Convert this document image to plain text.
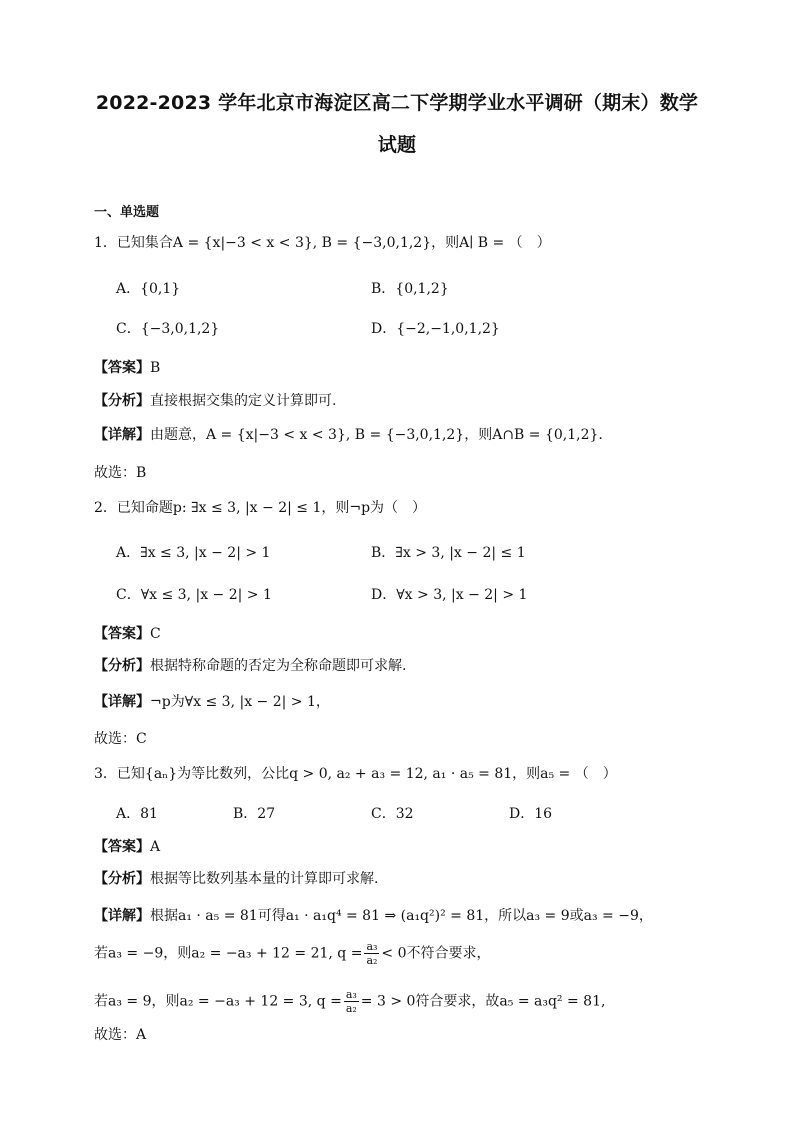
2022-2023 学年北京市海淀区高二下学期学业水平调研（期末）数学
试题
一、单选题
1．已知集合A = {x|−3 < x < 3}, B = {−3,0,1,2}，则A∣ B = （　）
A．{0,1}	B．{0,1,2}
C．{−3,0,1,2}	D．{−2,−1,0,1,2}
【答案】B
【分析】直接根据交集的定义计算即可.
【详解】由题意，A = {x|−3 < x < 3}, B = {−3,0,1,2}，则A∩B = {0,1,2}.
故选：B
2．已知命题p: ∃x ≤ 3, |x − 2| ≤ 1，则¬p为（　）
A．∃x ≤ 3, |x − 2| > 1	B．∃x > 3, |x − 2| ≤ 1
C．∀x ≤ 3, |x − 2| > 1	D．∀x > 3, |x − 2| > 1
【答案】C
【分析】根据特称命题的否定为全称命题即可求解.
【详解】¬p为∀x ≤ 3, |x − 2| > 1，
故选：C
3．已知{aₙ}为等比数列，公比q > 0, a₂ + a₃ = 12, a₁ · a₅ = 81，则a₅ = （　）
A．81	B．27	C．32	D．16
【答案】A
【分析】根据等比数列基本量的计算即可求解.
【详解】根据a₁ · a₅ = 81可得a₁ · a₁q⁴ = 81 ⇒ (a₁q²)² = 81，所以a₃ = 9或a₃ = −9，
若a₃ = −9，则a₂ = −a₃ + 12 = 21, $q = \frac{\text{a₃}}{\text{a₂}} < 0$不符合要求，
若a₃ = 9，则a₂ = −a₃ + 12 = 3, $q = \frac{\text{a₃}}{\text{a₂}} = 3 > 0$符合要求，故a₅ = a₃q² = 81,
故选：A
